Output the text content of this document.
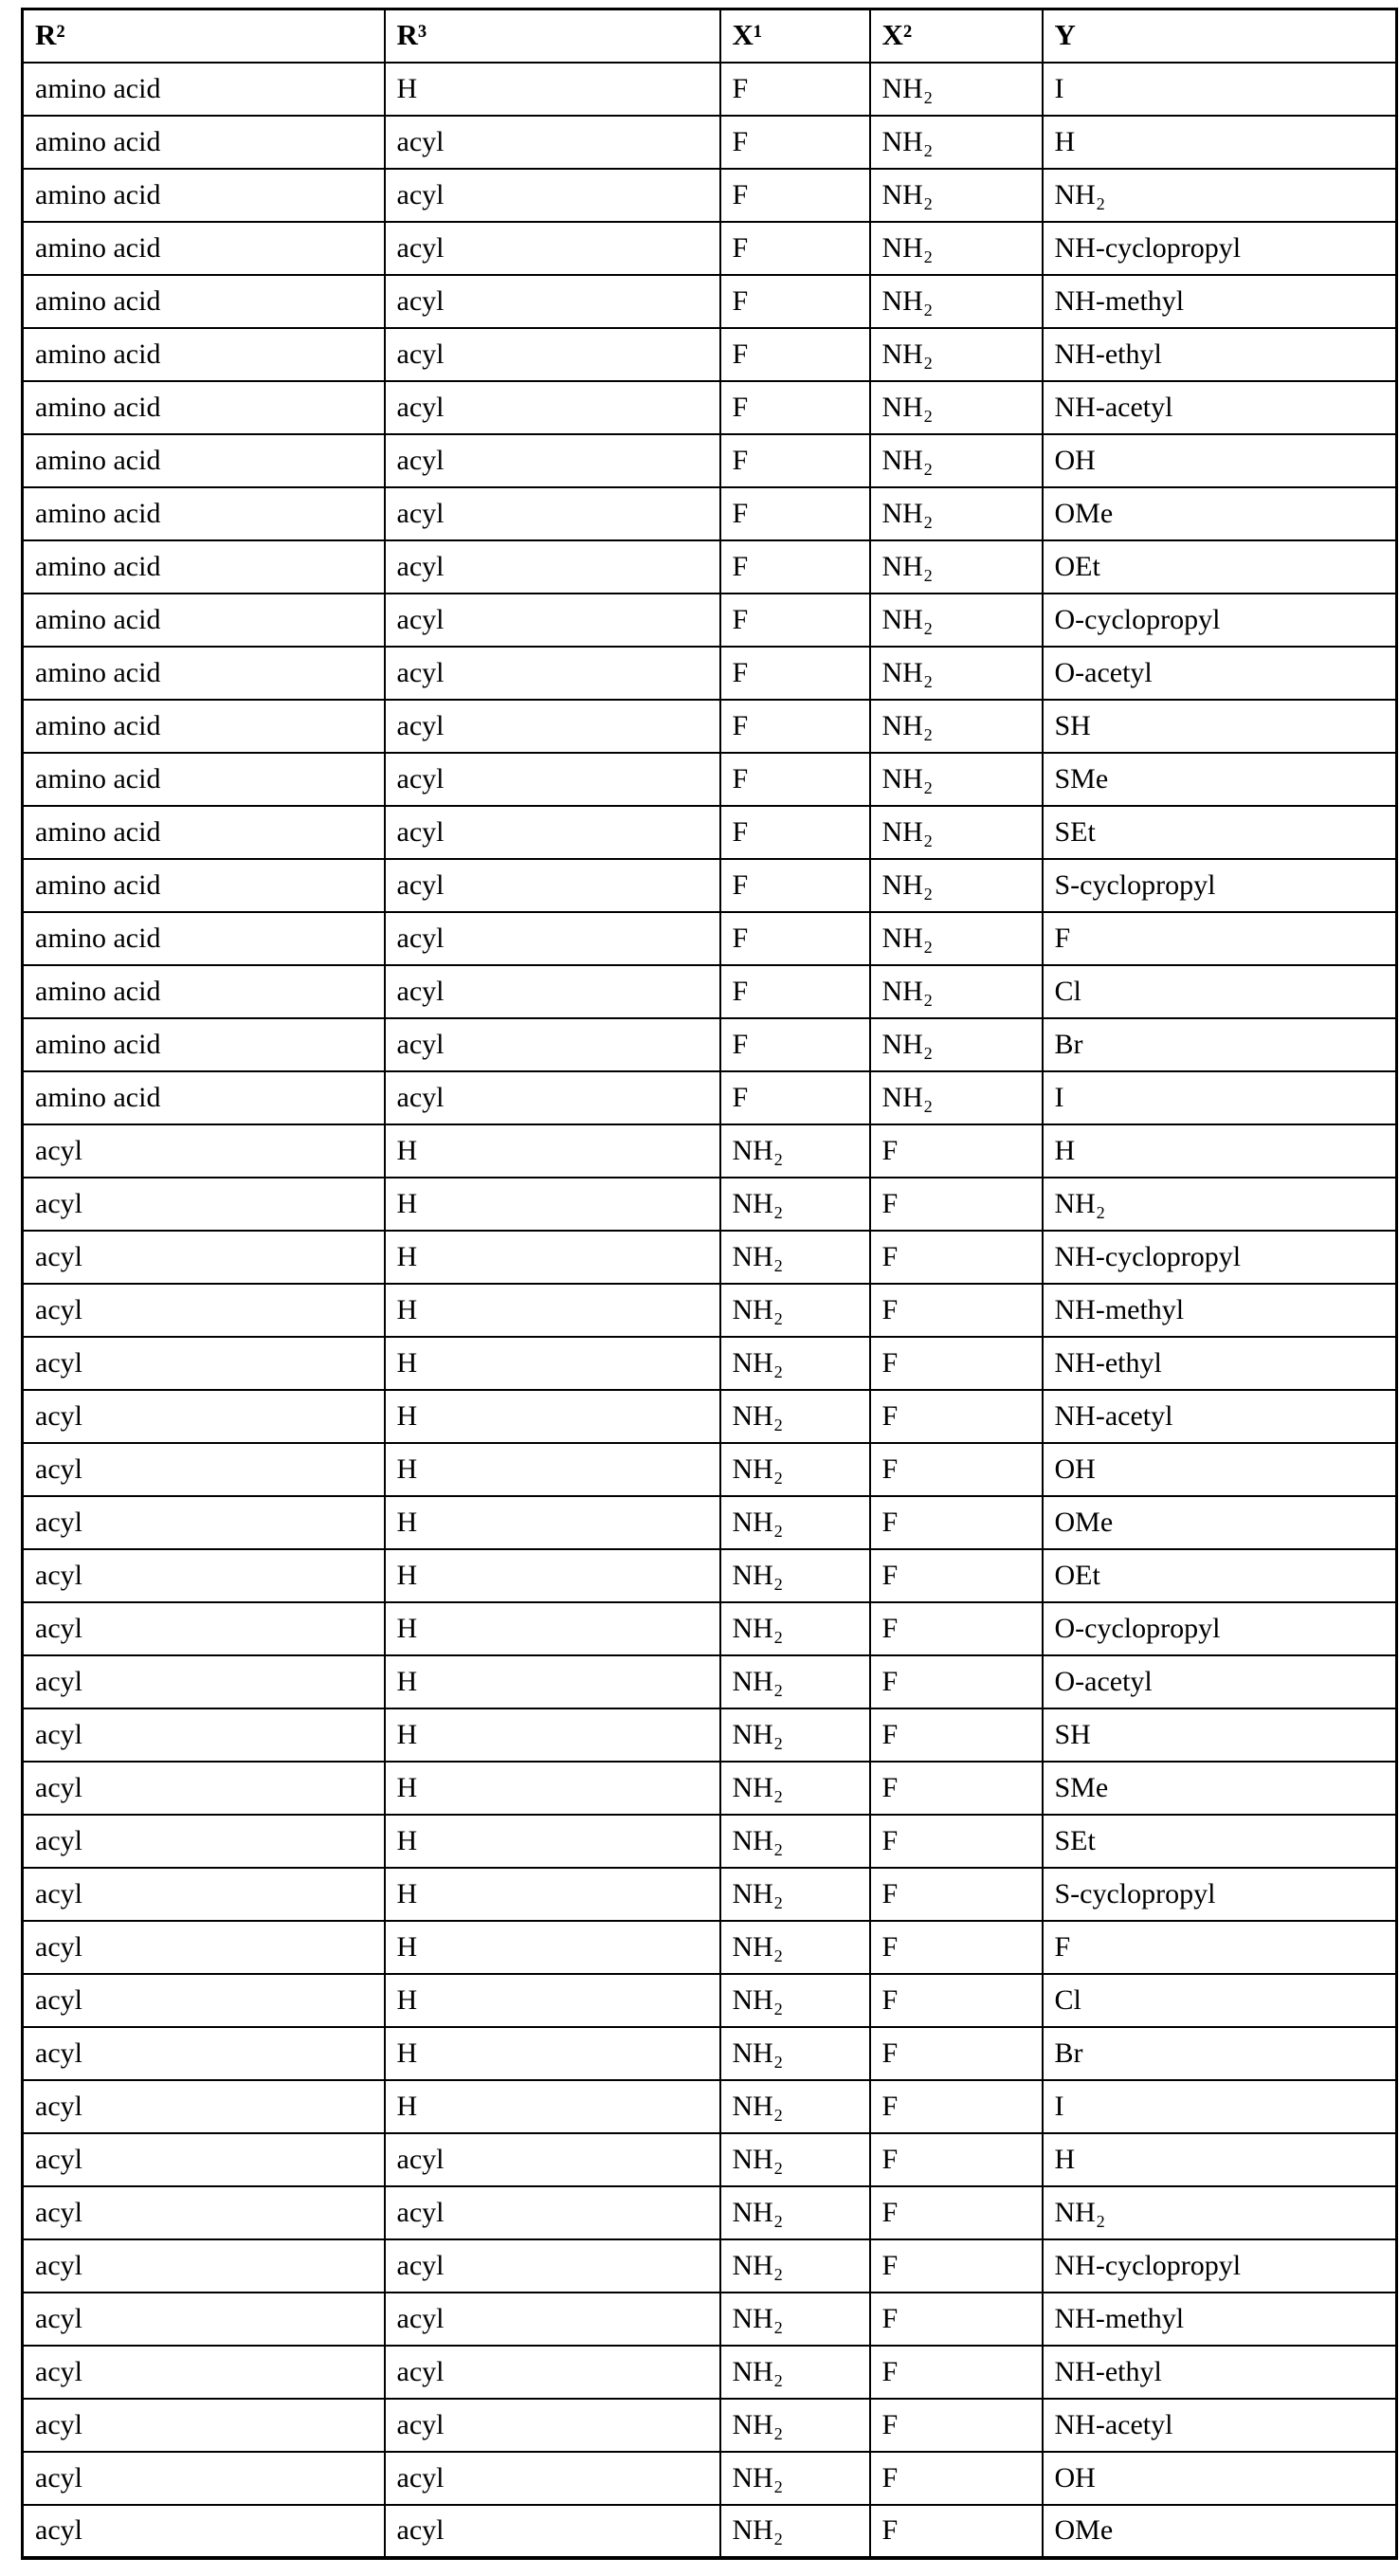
R²	R³	X¹	X²	Y
amino acid	H	F	NH₂	I
amino acid	acyl	F	NH₂	H
amino acid	acyl	F	NH₂	NH₂
amino acid	acyl	F	NH₂	NH-cyclopropyl
amino acid	acyl	F	NH₂	NH-methyl
amino acid	acyl	F	NH₂	NH-ethyl
amino acid	acyl	F	NH₂	NH-acetyl
amino acid	acyl	F	NH₂	OH
amino acid	acyl	F	NH₂	OMe
amino acid	acyl	F	NH₂	OEt
amino acid	acyl	F	NH₂	O-cyclopropyl
amino acid	acyl	F	NH₂	O-acetyl
amino acid	acyl	F	NH₂	SH
amino acid	acyl	F	NH₂	SMe
amino acid	acyl	F	NH₂	SEt
amino acid	acyl	F	NH₂	S-cyclopropyl
amino acid	acyl	F	NH₂	F
amino acid	acyl	F	NH₂	Cl
amino acid	acyl	F	NH₂	Br
amino acid	acyl	F	NH₂	I
acyl	H	NH₂	F	H
acyl	H	NH₂	F	NH₂
acyl	H	NH₂	F	NH-cyclopropyl
acyl	H	NH₂	F	NH-methyl
acyl	H	NH₂	F	NH-ethyl
acyl	H	NH₂	F	NH-acetyl
acyl	H	NH₂	F	OH
acyl	H	NH₂	F	OMe
acyl	H	NH₂	F	OEt
acyl	H	NH₂	F	O-cyclopropyl
acyl	H	NH₂	F	O-acetyl
acyl	H	NH₂	F	SH
acyl	H	NH₂	F	SMe
acyl	H	NH₂	F	SEt
acyl	H	NH₂	F	S-cyclopropyl
acyl	H	NH₂	F	F
acyl	H	NH₂	F	Cl
acyl	H	NH₂	F	Br
acyl	H	NH₂	F	I
acyl	acyl	NH₂	F	H
acyl	acyl	NH₂	F	NH₂
acyl	acyl	NH₂	F	NH-cyclopropyl
acyl	acyl	NH₂	F	NH-methyl
acyl	acyl	NH₂	F	NH-ethyl
acyl	acyl	NH₂	F	NH-acetyl
acyl	acyl	NH₂	F	OH
acyl	acyl	NH₂	F	OMe
